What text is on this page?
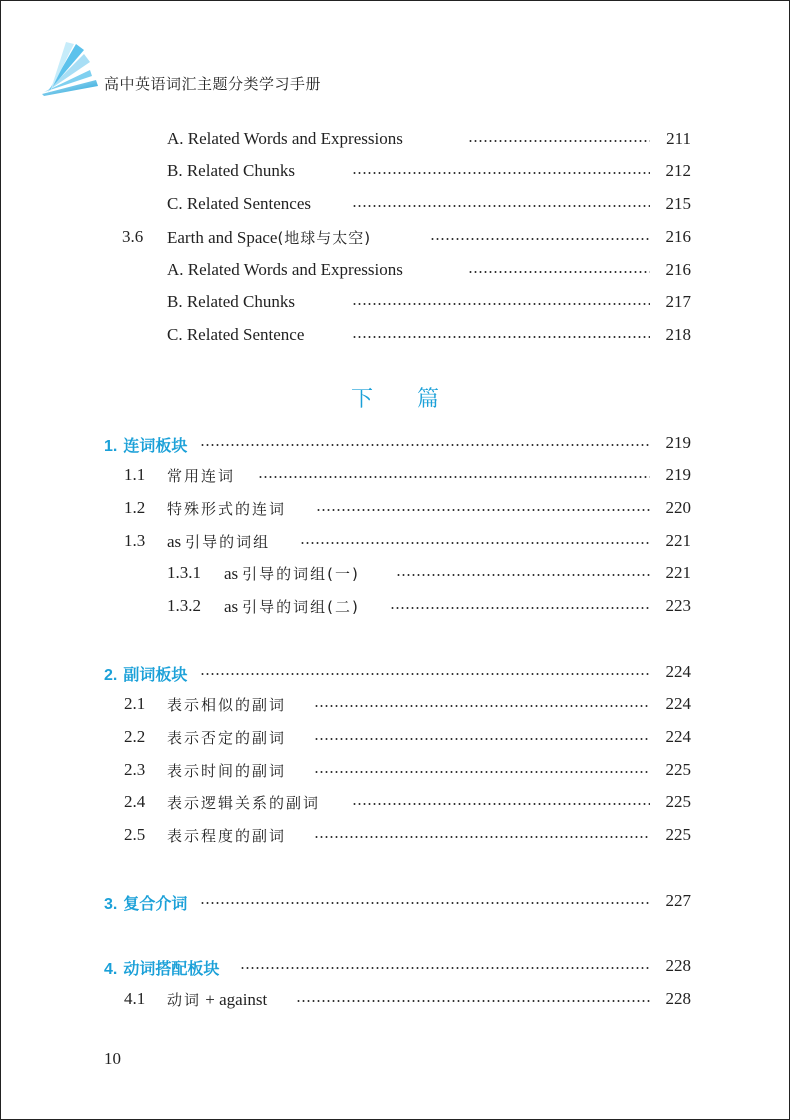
高中英语词汇主题分类学习手册
A. Related Words and Expressions	211
B. Related Chunks	212
C. Related Sentences	215
3.6	Earth and Space(地球与太空)	216
A. Related Words and Expressions	216
B. Related Chunks	217
C. Related Sentence	218
下篇
1. 连词板块	219
1.1	常用连词	219
1.2	特殊形式的连词	220
1.3	as 引导的词组	221
1.3.1	as 引导的词组(一)	221
1.3.2	as 引导的词组(二)	223
2. 副词板块	224
2.1	表示相似的副词	224
2.2	表示否定的副词	224
2.3	表示时间的副词	225
2.4	表示逻辑关系的副词	225
2.5	表示程度的副词	225
3. 复合介词	227
4. 动词搭配板块	228
4.1	动词 + against	228
10
